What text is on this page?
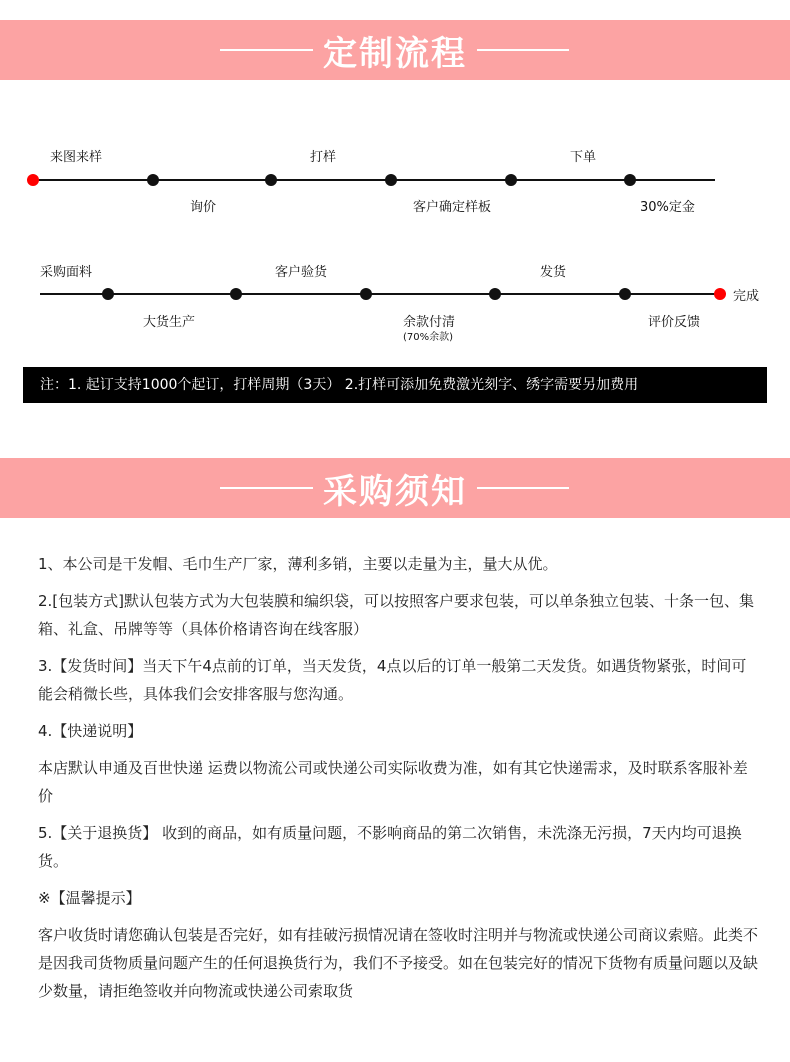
定制流程
来图来样	打样	下单
询价	客户确定样板	30%定金
采购面料	客户验货	发货
完成
大货生产	余款付清
(70%余款)
评价反馈
注：1. 起订支持1000个起订，打样周期（3天） 2.打样可添加免费激光刻字、绣字需要另加费用
采购须知

1、本公司是干发帽、毛巾生产厂家，薄利多销，主要以走量为主，量大从优。

2.[包装方式]默认包装方式为大包装膜和编织袋，可以按照客户要求包装，可以单条独立包装、十条一包、集箱、礼盒、吊牌等等（具体价格请咨询在线客服）

3.【发货时间】当天下午4点前的订单，当天发货，4点以后的订单一般第二天发货。如遇货物紧张，时间可能会稍微长些，具体我们会安排客服与您沟通。

4.【快递说明】

本店默认申通及百世快递 运费以物流公司或快递公司实际收费为准，如有其它快递需求，及时联系客服补差价

5.【关于退换货】 收到的商品，如有质量问题，不影响商品的第二次销售，未洗涤无污损，7天内均可退换货。

※【温馨提示】

客户收货时请您确认包装是否完好，如有挂破污损情况请在签收时注明并与物流或快递公司商议索赔。此类不是因我司货物质量问题产生的任何退换货行为，我们不予接受。如在包装完好的情况下货物有质量问题以及缺少数量，请拒绝签收并向物流或快递公司索取货
